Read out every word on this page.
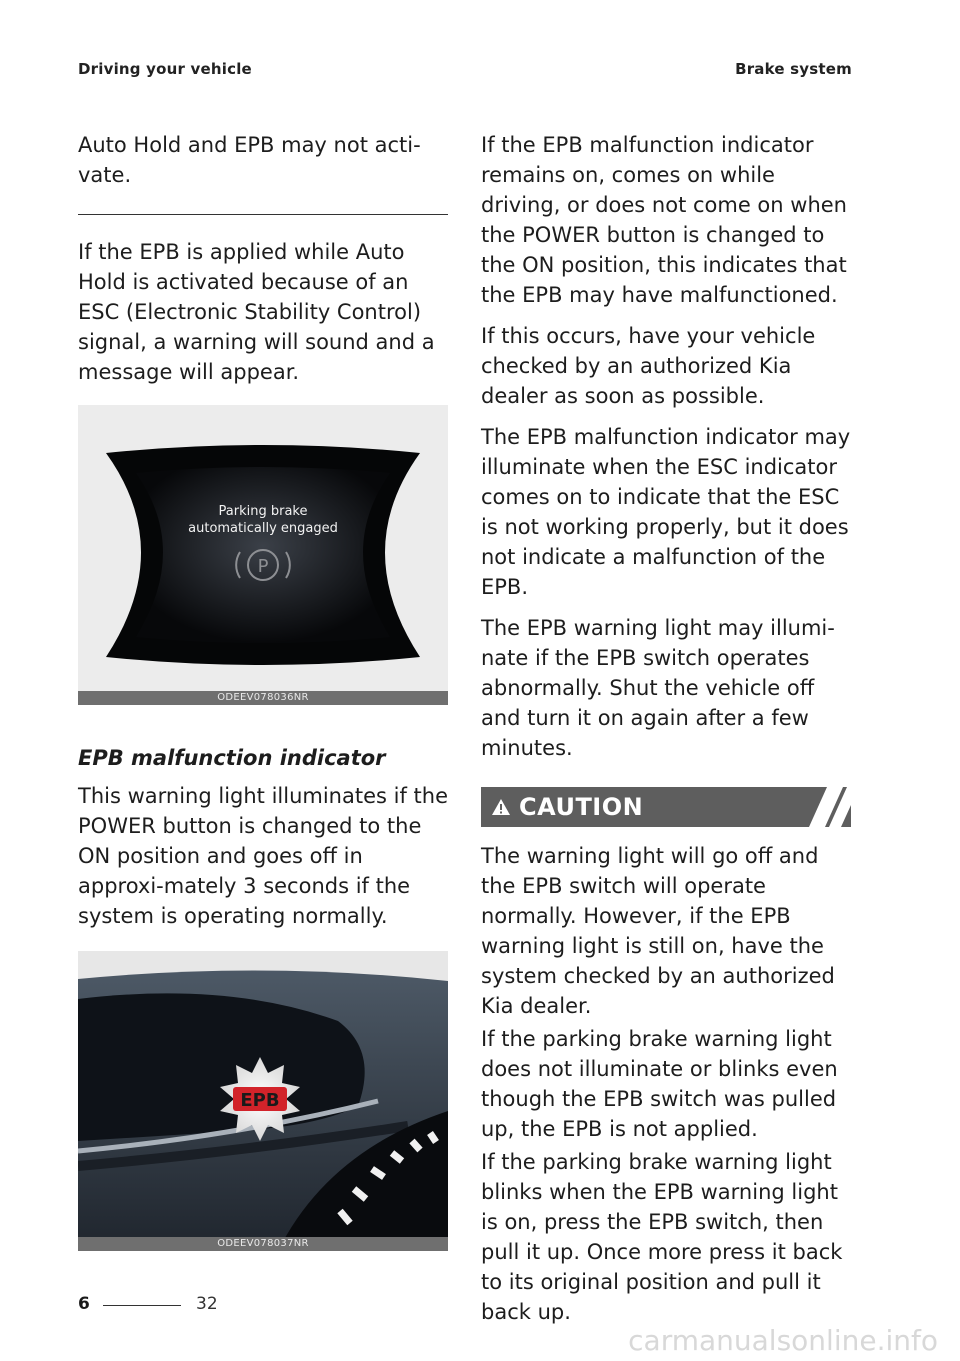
Driving your vehicle	Brake system

Auto Hold and EPB may not acti-vate.

If the EPB is applied while Auto Hold is activated because of an ESC (Electronic Stability Control) signal, a warning will sound and a message will appear.

Parking brake
automatically engaged
P
ODEEV078036NR
EPB malfunction indicator

This warning light illuminates if the POWER button is changed to the ON position and goes off in approxi-mately 3 seconds if the system is operating normally.

EPB
ODEEV078037NR

If the EPB malfunction indicator remains on, comes on while driving, or does not come on when the POWER button is changed to the ON position, this indicates that the EPB may have malfunctioned.

If this occurs, have your vehicle checked by an authorized Kia dealer as soon as possible.

The EPB malfunction indicator may illuminate when the ESC indicator comes on to indicate that the ESC is not working properly, but it does not indicate a malfunction of the EPB.

The EPB warning light may illumi-nate if the EPB switch operates abnormally. Shut the vehicle off and turn it on again after a few minutes.

CAUTION

The warning light will go off and the EPB switch will operate normally. However, if the EPB warning light is still on, have the system checked by an authorized Kia dealer.

If the parking brake warning light does not illuminate or blinks even though the EPB switch was pulled up, the EPB is not applied.

If the parking brake warning light blinks when the EPB warning light is on, press the EPB switch, then pull it up. Once more press it back to its original position and pull it back up.

6	32
carmanualsonline.info
